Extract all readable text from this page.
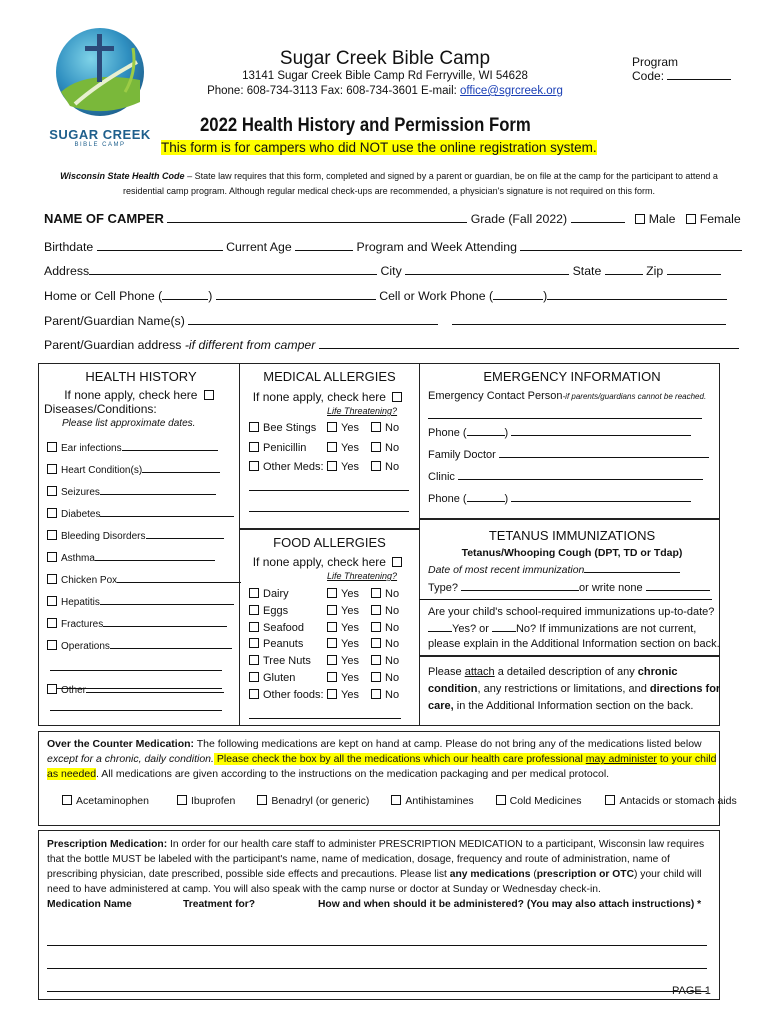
SUGAR CREEK
BIBLE CAMP
Sugar Creek Bible Camp
13141 Sugar Creek Bible Camp Rd Ferryville, WI 54628
Phone: 608-734-3113 Fax: 608-734-3601 E-mail: office@sgrcreek.org
Program
Code:
2022 Health History and Permission Form
This form is for campers who did NOT use the online registration system.
Wisconsin State Health Code – State law requires that this form, completed and signed by a parent or guardian, be on file at the camp for the participant to attend a
residential camp program. Although regular medical check-ups are recommended, a physician's signature is not required on this form.
NAME OF CAMPER	Grade (Fall 2022)	Male Female
Birthdate	Current Age	Program and Week Attending
Address	City	State	Zip
Home or Cell Phone (	)	Cell or Work Phone (	)
Parent/Guardian Name(s)
Parent/Guardian address -if different from camper
HEALTH HISTORY
If none apply, check here
Diseases/Conditions:
Please list approximate dates.
Ear infections
Heart Condition(s)
Seizures
Diabetes
Bleeding Disorders
Asthma
Chicken Pox
Hepatitis
Fractures
Operations
Other
MEDICAL ALLERGIES
If none apply, check here
Life Threatening?
Bee Stings	Yes	No
Penicillin	Yes	No
Other Meds:	Yes	No
FOOD ALLERGIES
If none apply, check here
Life Threatening?
Dairy	Yes	No
Eggs	Yes	No
Seafood	Yes	No
Peanuts	Yes	No
Tree Nuts	Yes	No
Gluten	Yes	No
Other foods:	Yes	No
EMERGENCY INFORMATION
Emergency Contact Person-if parents/guardians cannot be reached.
Phone (	)
Family Doctor
Clinic
Phone (	)
TETANUS IMMUNIZATIONS
Tetanus/Whooping Cough (DPT, TD or Tdap)
Date of most recent immunization
Type?	or write none
Are your child's school-required immunizations up-to-date?
Yes? or No? If immunizations are not current,
please explain in the Additional Information section on back.
Please attach a detailed description of any chronic
condition, any restrictions or limitations, and directions for
care, in the Additional Information section on the back.
Over the Counter Medication: The following medications are kept on hand at camp. Please do not bring any of the medications listed below
except for a chronic, daily condition. Please check the box by all the medications which our health care professional may administer to your child
as needed. All medications are given according to the instructions on the medication packaging and per medical protocol.
Acetaminophen	Ibuprofen	Benadryl (or generic)	Antihistamines	Cold Medicines	Antacids or stomach aids
Prescription Medication: In order for our health care staff to administer PRESCRIPTION MEDICATION to a participant, Wisconsin law requires
that the bottle MUST be labeled with the participant's name, name of medication, dosage, frequency and route of administration, name of
prescribing physician, date prescribed, possible side effects and precautions. Please list any medications (prescription or OTC) your child will
need to have administered at camp. You will also speak with the camp nurse or doctor at Sunday or Wednesday check-in.
Medication Name	Treatment for?	How and when should it be administered? (You may also attach instructions) *
PAGE 1
